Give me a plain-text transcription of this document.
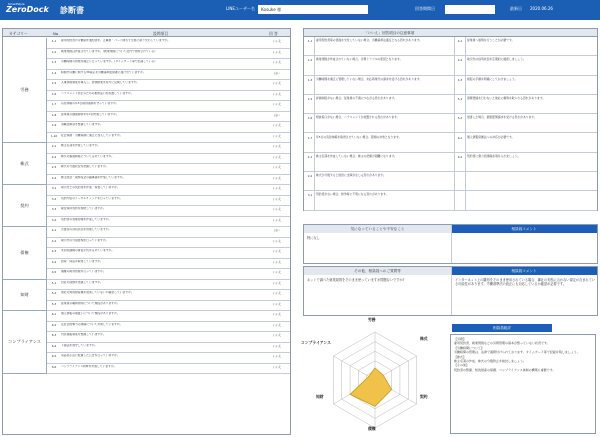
SmartStyle
ZeroDock 診断書	LINEユーザー名	Kosuke 様	回答期間日	最新日 2020.06.26
カテゴリー	No	設問項目	回 答
労務
1-1	雇用契約書か労働条件通知書を、正職員・パート問わず全員に取り交わしていますか。	いいえ
1-2	就業規則は作成されていますか。(就業規則について社内で周知されている)	いいえ
1-3	労働時間の管理を適正に行っていますか。(タイムカード等で記録している)	いいえ
1-4	時間外労働に関する36協定を労働基準監督署に届け出ていますか。	はい
1-5	人事評価制度を導入し、評価結果を給与に反映していますか。	いいえ
1-6	ハラスメント防止のための相談窓口を設置していますか。	いいえ
1-7	有給休暇の年5日取得義務を守っていますか。	いいえ
1-8	従業員の健康診断を年1回実施していますか。	はい
1-9	退職金制度を整備していますか。	いいえ
1-10	社会保険・労働保険に適正に加入していますか。	いいえ
株式
2-1	株主名簿を作成していますか。	いいえ
2-2	株式の譲渡制限について定めていますか。	いいえ
2-3	株式の分散状況を把握していますか。	いいえ
2-4	株主総会・取締役会の議事録を作成していますか。	いいえ
契約
3-1	取引先との契約書を作成・保管していますか。	いいえ
3-2	契約内容のリーガルチェックを行っていますか。	いいえ
3-3	秘密保持契約を締結していますか。	いいえ
3-4	契約書の管理台帳を作成していますか。	いいえ
債権
4-1	売掛金の回収状況を管理していますか。	はい
4-2	取引先の与信管理を行っていますか。	いいえ
4-3	未回収債権の督促手続を定めていますか。	いいえ
4-4	担保・保証を取得していますか。	いいえ
4-5	債権の時効管理を行っていますか。	いいえ
知財
5-1	自社の商標を登録していますか。	いいえ
5-2	他社の知的財産権を侵害していないか確認していますか。	いいえ
5-3	従業員の職務発明について規程がありますか。	いいえ
コンプライアンス
6-1	個人情報の取扱いについて規程がありますか。	いいえ
6-2	反社会的勢力の排除について対策していますか。	いいえ
6-3	内部通報制度を整備していますか。	いいえ
6-4	下請法を遵守していますか。	いいえ
6-5	景品表示法に配慮した広告を行っていますか。	いいえ
6-6	コンプライアンス研修を実施していますか。	いいえ
「いいえ」回答項目の注意事項
1-1	雇用契約書等の書面を交付していない場合、労働基準法違反となる恐れがあります。	4-1	従業員へ説明を行うことが必要です。
1-2	就業規則が作成されていない場合、労務トラブルの原因となります。	4-2	取引先の信用状況を定期的に確認しましょう。
1-3	労働時間を適正に管理していない場合、未払残業代の請求を受ける恐れがあります。	4-3	督促の手順を明確にしておきましょう。
1-5	評価制度がない場合、従業員の不満につながる恐れがあります。	5-1	商標登録を行わないと他社に権利を取られる恐れがあります。
1-6	相談窓口がない場合、ハラスメントが放置される恐れがあります。	5-2	侵害した場合、損害賠償請求を受ける恐れがあります。
1-7	年5日の有給休暇を取得させていない場合、罰則の対象となります。	6-1	個人情報保護法への対応が必要です。
2-1	株主名簿を作成していない場合、株主の把握が困難になります。	6-2	契約書に暴力団排除条項を入れましょう。
2-2	株式が分散すると経営に支障が生じる恐れがあります。
3-1	契約書がない場合、紛争時に不利になる恐れがあります。
気になっていることや不安なこと	相談員コメント
特になし
その他、相談員へのご質問等	相談員コメント
ネットで調べた就業規則をそのまま使っていますが問題ないですか?	インターネット上の雛形をそのまま使用されている場合、御社の実態に合わない規定が含まれている可能性があります。労働基準法の改正にも対応しているか確認が必要です。
労務
株式
契約
債権
知財
コンプライアンス
相談員総評
【労務】
雇用契約書、就業規則などの労務管理の基本が整っていない状況です。
【労働時間について】
労働時間の管理は、法律で義務付けられております。タイムカード等で記録を残しましょう。
【株式】
株主名簿の作成、株式の分散防止を検討しましょう。
【その他】
契約書の整備、知的財産の保護、コンプライアンス体制の構築も重要です。
